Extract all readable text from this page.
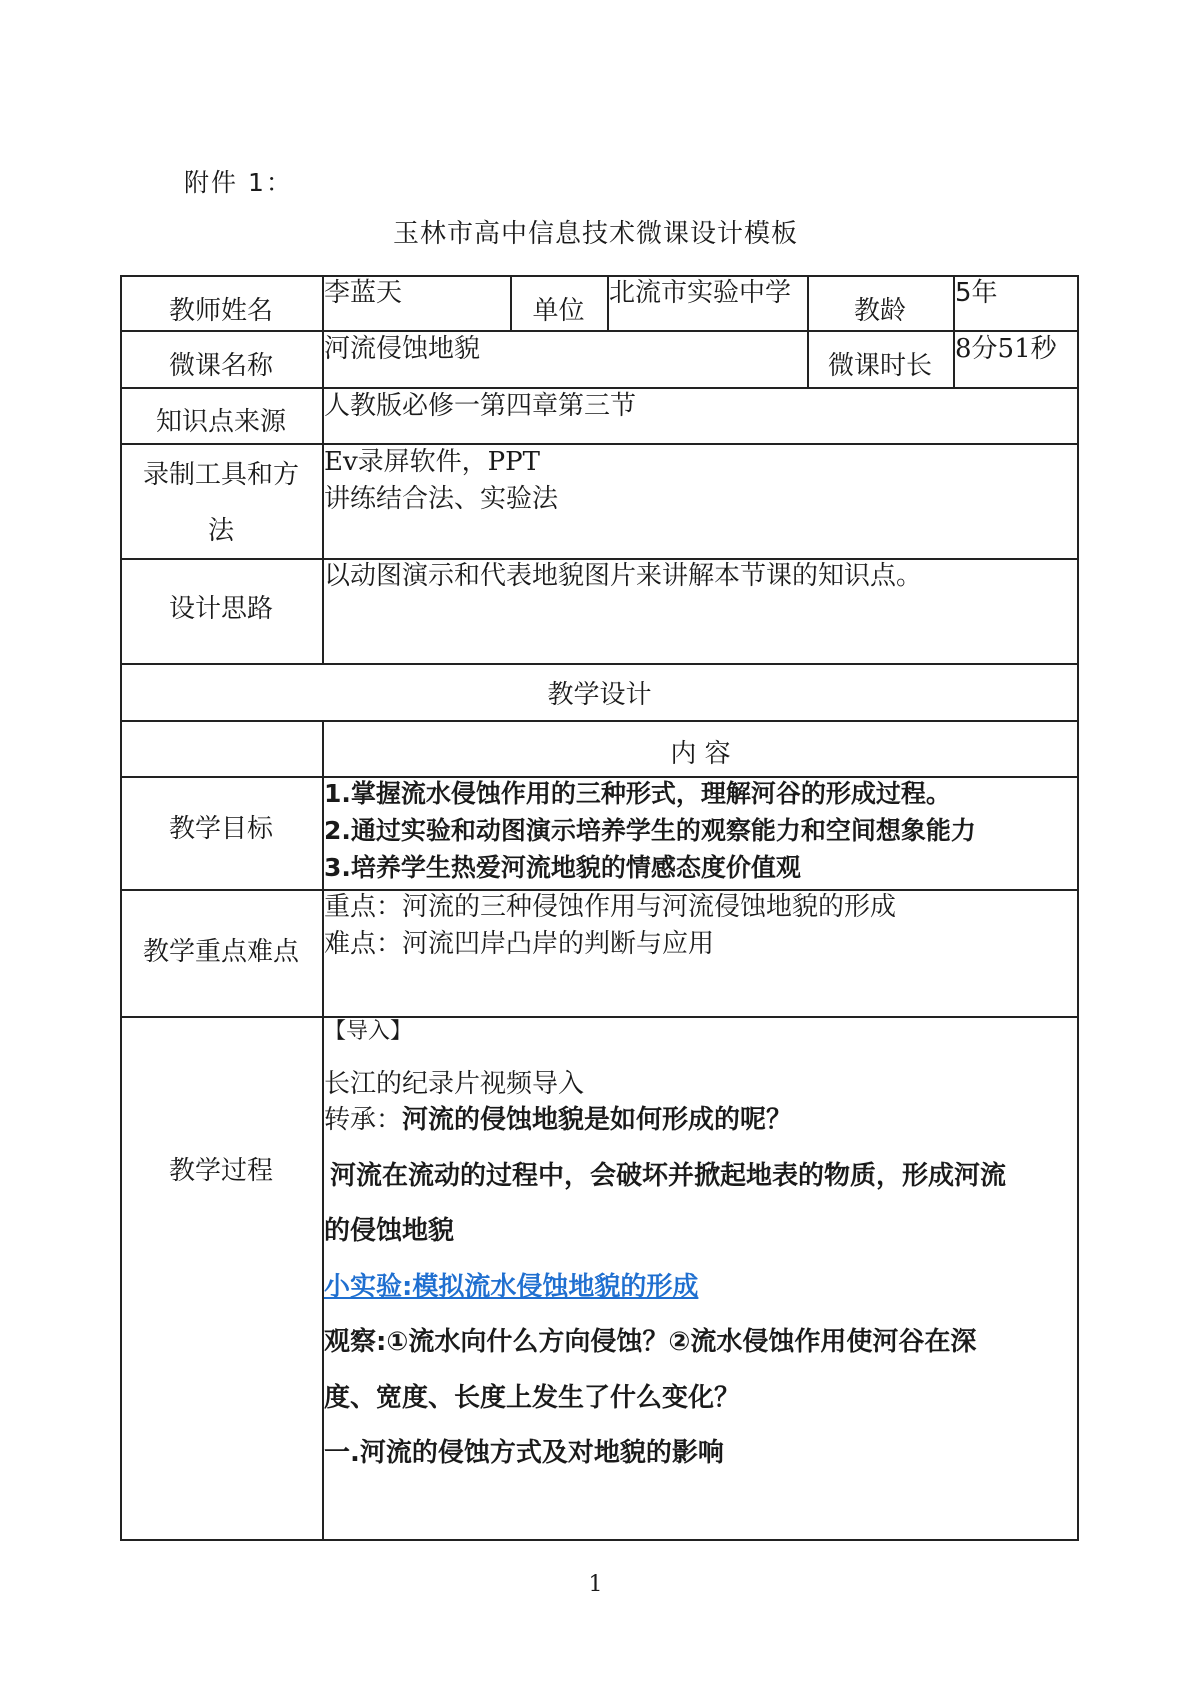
附件 1：
玉林市高中信息技术微课设计模板
教师姓名
李蓝天
单位
北流市实验中学
教龄
5年
微课名称
河流侵蚀地貌
微课时长
8分51秒
知识点来源
人教版必修一第四章第三节
录制工具和方
法
Ev录屏软件，PPT
讲练结合法、实验法
设计思路
以动图演示和代表地貌图片来讲解本节课的知识点。
教学设计
内 容
教学目标
1.掌握流水侵蚀作用的三种形式，理解河谷的形成过程。
2.通过实验和动图演示培养学生的观察能力和空间想象能力
3.培养学生热爱河流地貌的情感态度价值观
教学重点难点
重点：河流的三种侵蚀作用与河流侵蚀地貌的形成
难点：河流凹岸凸岸的判断与应用
教学过程
【导入】
长江的纪录片视频导入
转承：河流的侵蚀地貌是如何形成的呢？
河流在流动的过程中，会破坏并掀起地表的物质，形成河流
的侵蚀地貌
小实验:模拟流水侵蚀地貌的形成
观察:①流水向什么方向侵蚀？②流水侵蚀作用使河谷在深
度、宽度、长度上发生了什么变化？
一.河流的侵蚀方式及对地貌的影响
1
